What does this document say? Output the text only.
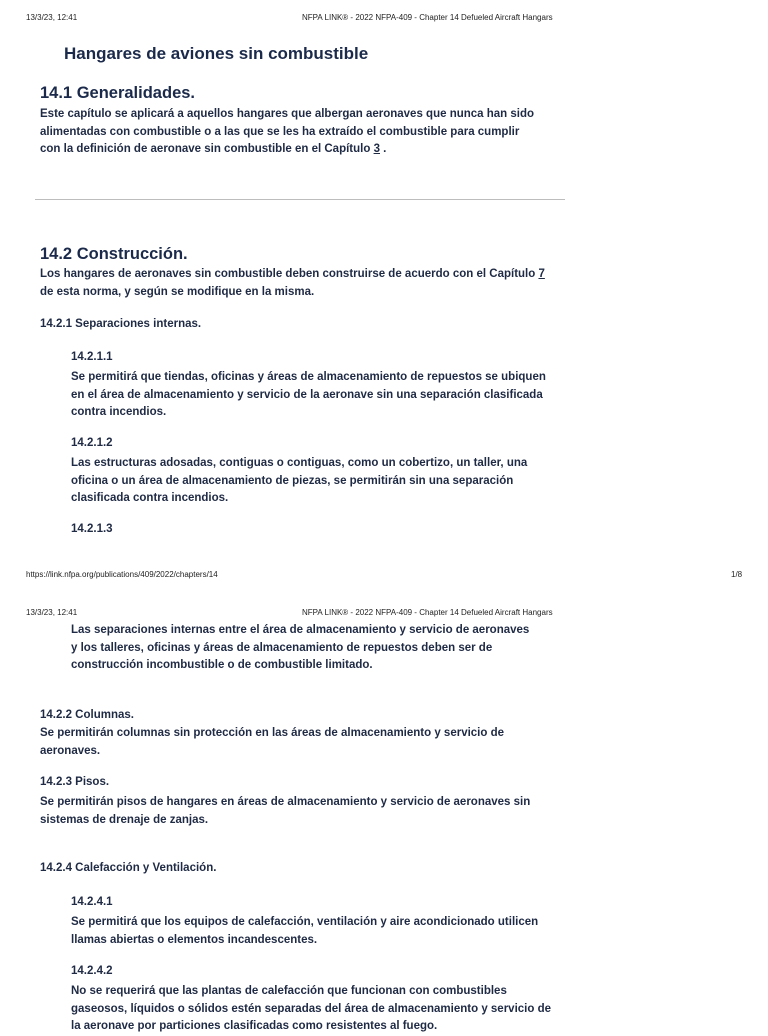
13/3/23, 12:41	NFPA LINK® - 2022 NFPA-409 - Chapter 14 Defueled Aircraft Hangars
Hangares de aviones sin combustible
14.1 Generalidades.
Este capítulo se aplicará a aquellos hangares que albergan aeronaves que nunca han sido alimentadas con combustible o a las que se les ha extraído el combustible para cumplir con la definición de aeronave sin combustible en el Capítulo 3 .
14.2 Construcción.
Los hangares de aeronaves sin combustible deben construirse de acuerdo con el Capítulo 7 de esta norma, y según se modifique en la misma.
14.2.1 Separaciones internas.
14.2.1.1
Se permitirá que tiendas, oficinas y áreas de almacenamiento de repuestos se ubiquen en el área de almacenamiento y servicio de la aeronave sin una separación clasificada contra incendios.
14.2.1.2
Las estructuras adosadas, contiguas o contiguas, como un cobertizo, un taller, una oficina o un área de almacenamiento de piezas, se permitirán sin una separación clasificada contra incendios.
14.2.1.3
https://link.nfpa.org/publications/409/2022/chapters/14	1/8
13/3/23, 12:41	NFPA LINK® - 2022 NFPA-409 - Chapter 14 Defueled Aircraft Hangars
Las separaciones internas entre el área de almacenamiento y servicio de aeronaves y los talleres, oficinas y áreas de almacenamiento de repuestos deben ser de construcción incombustible o de combustible limitado.
14.2.2 Columnas.
Se permitirán columnas sin protección en las áreas de almacenamiento y servicio de aeronaves.
14.2.3 Pisos.
Se permitirán pisos de hangares en áreas de almacenamiento y servicio de aeronaves sin sistemas de drenaje de zanjas.
14.2.4 Calefacción y Ventilación.
14.2.4.1
Se permitirá que los equipos de calefacción, ventilación y aire acondicionado utilicen llamas abiertas o elementos incandescentes.
14.2.4.2
No se requerirá que las plantas de calefacción que funcionan con combustibles gaseosos, líquidos o sólidos estén separadas del área de almacenamiento y servicio de la aeronave por particiones clasificadas como resistentes al fuego.
